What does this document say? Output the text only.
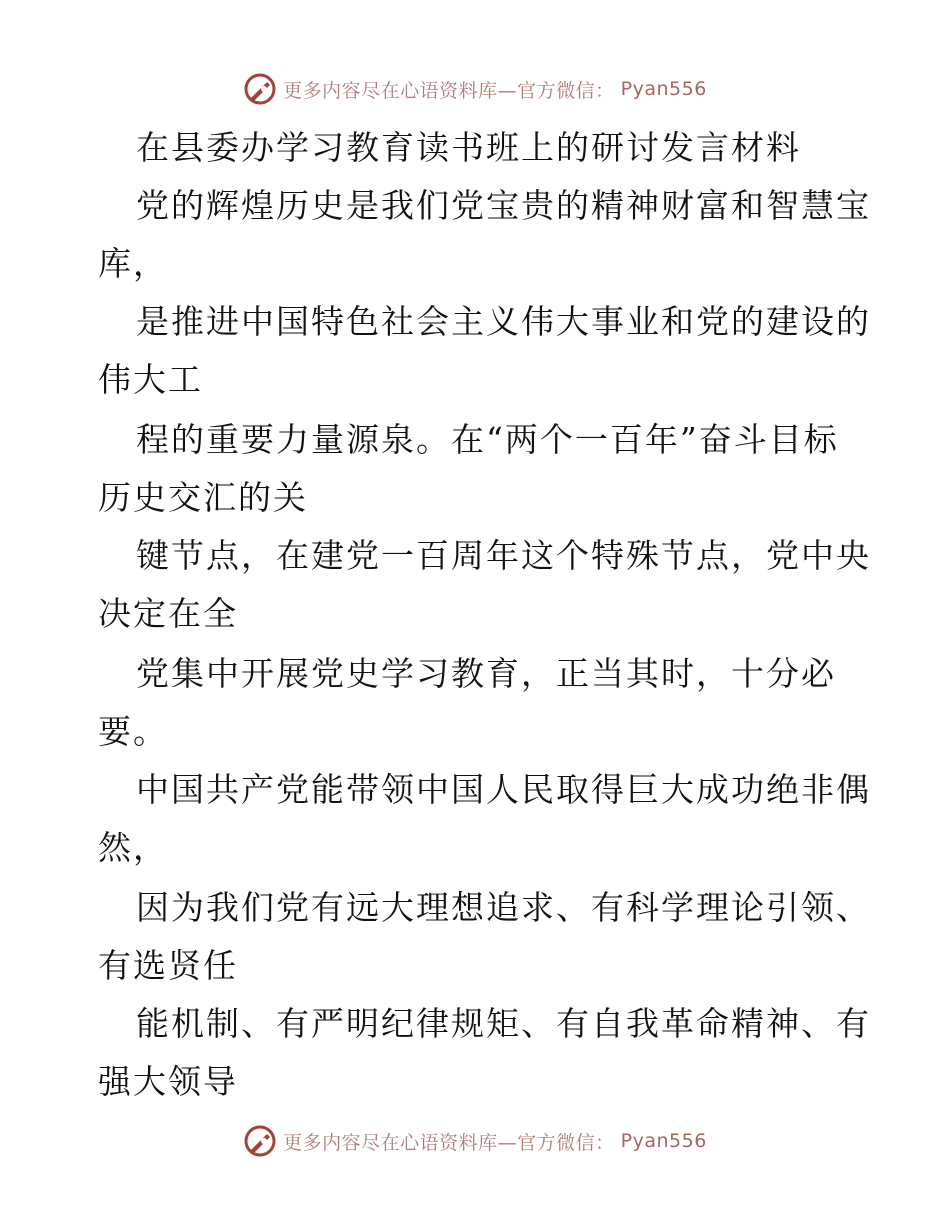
更多内容尽在心语资料库—官方微信： Pyan556
在县委办学习教育读书班上的研讨发言材料
党的辉煌历史是我们党宝贵的精神财富和智慧宝
库，
是推进中国特色社会主义伟大事业和党的建设的
伟大工
程的重要力量源泉。在“两个一百年”奋斗目标
历史交汇的关
键节点，在建党一百周年这个特殊节点，党中央
决定在全
党集中开展党史学习教育，正当其时，十分必
要。
中国共产党能带领中国人民取得巨大成功绝非偶
然，
因为我们党有远大理想追求、有科学理论引领、
有选贤任
能机制、有严明纪律规矩、有自我革命精神、有
强大领导
更多内容尽在心语资料库—官方微信： Pyan556
